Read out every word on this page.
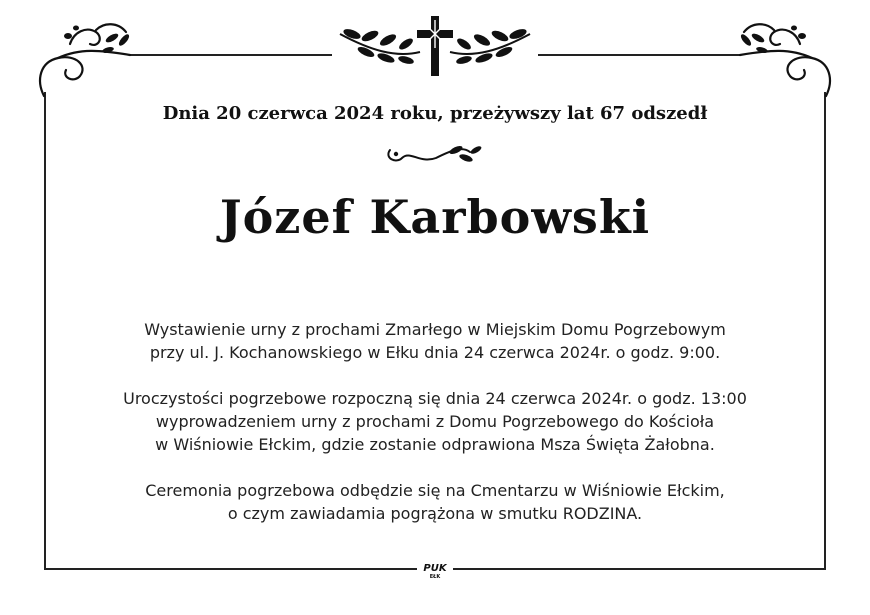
Dnia 20 czerwca 2024 roku, przeżywszy lat 67 odszedł
Józef Karbowski
Wystawienie urny z prochami Zmarłego w Miejskim Domu Pogrzebowym
przy ul. J. Kochanowskiego w Ełku dnia 24 czerwca 2024r. o godz. 9:00.
Uroczystości pogrzebowe rozpoczną się dnia 24 czerwca 2024r. o godz. 13:00
wyprowadzeniem urny z prochami z Domu Pogrzebowego do Kościoła
w Wiśniowie Ełckim, gdzie zostanie odprawiona Msza Święta Żałobna.
Ceremonia pogrzebowa odbędzie się na Cmentarzu w Wiśniowie Ełckim,
o czym zawiadamia pogrążona w smutku RODZINA.
PUK
EŁK
